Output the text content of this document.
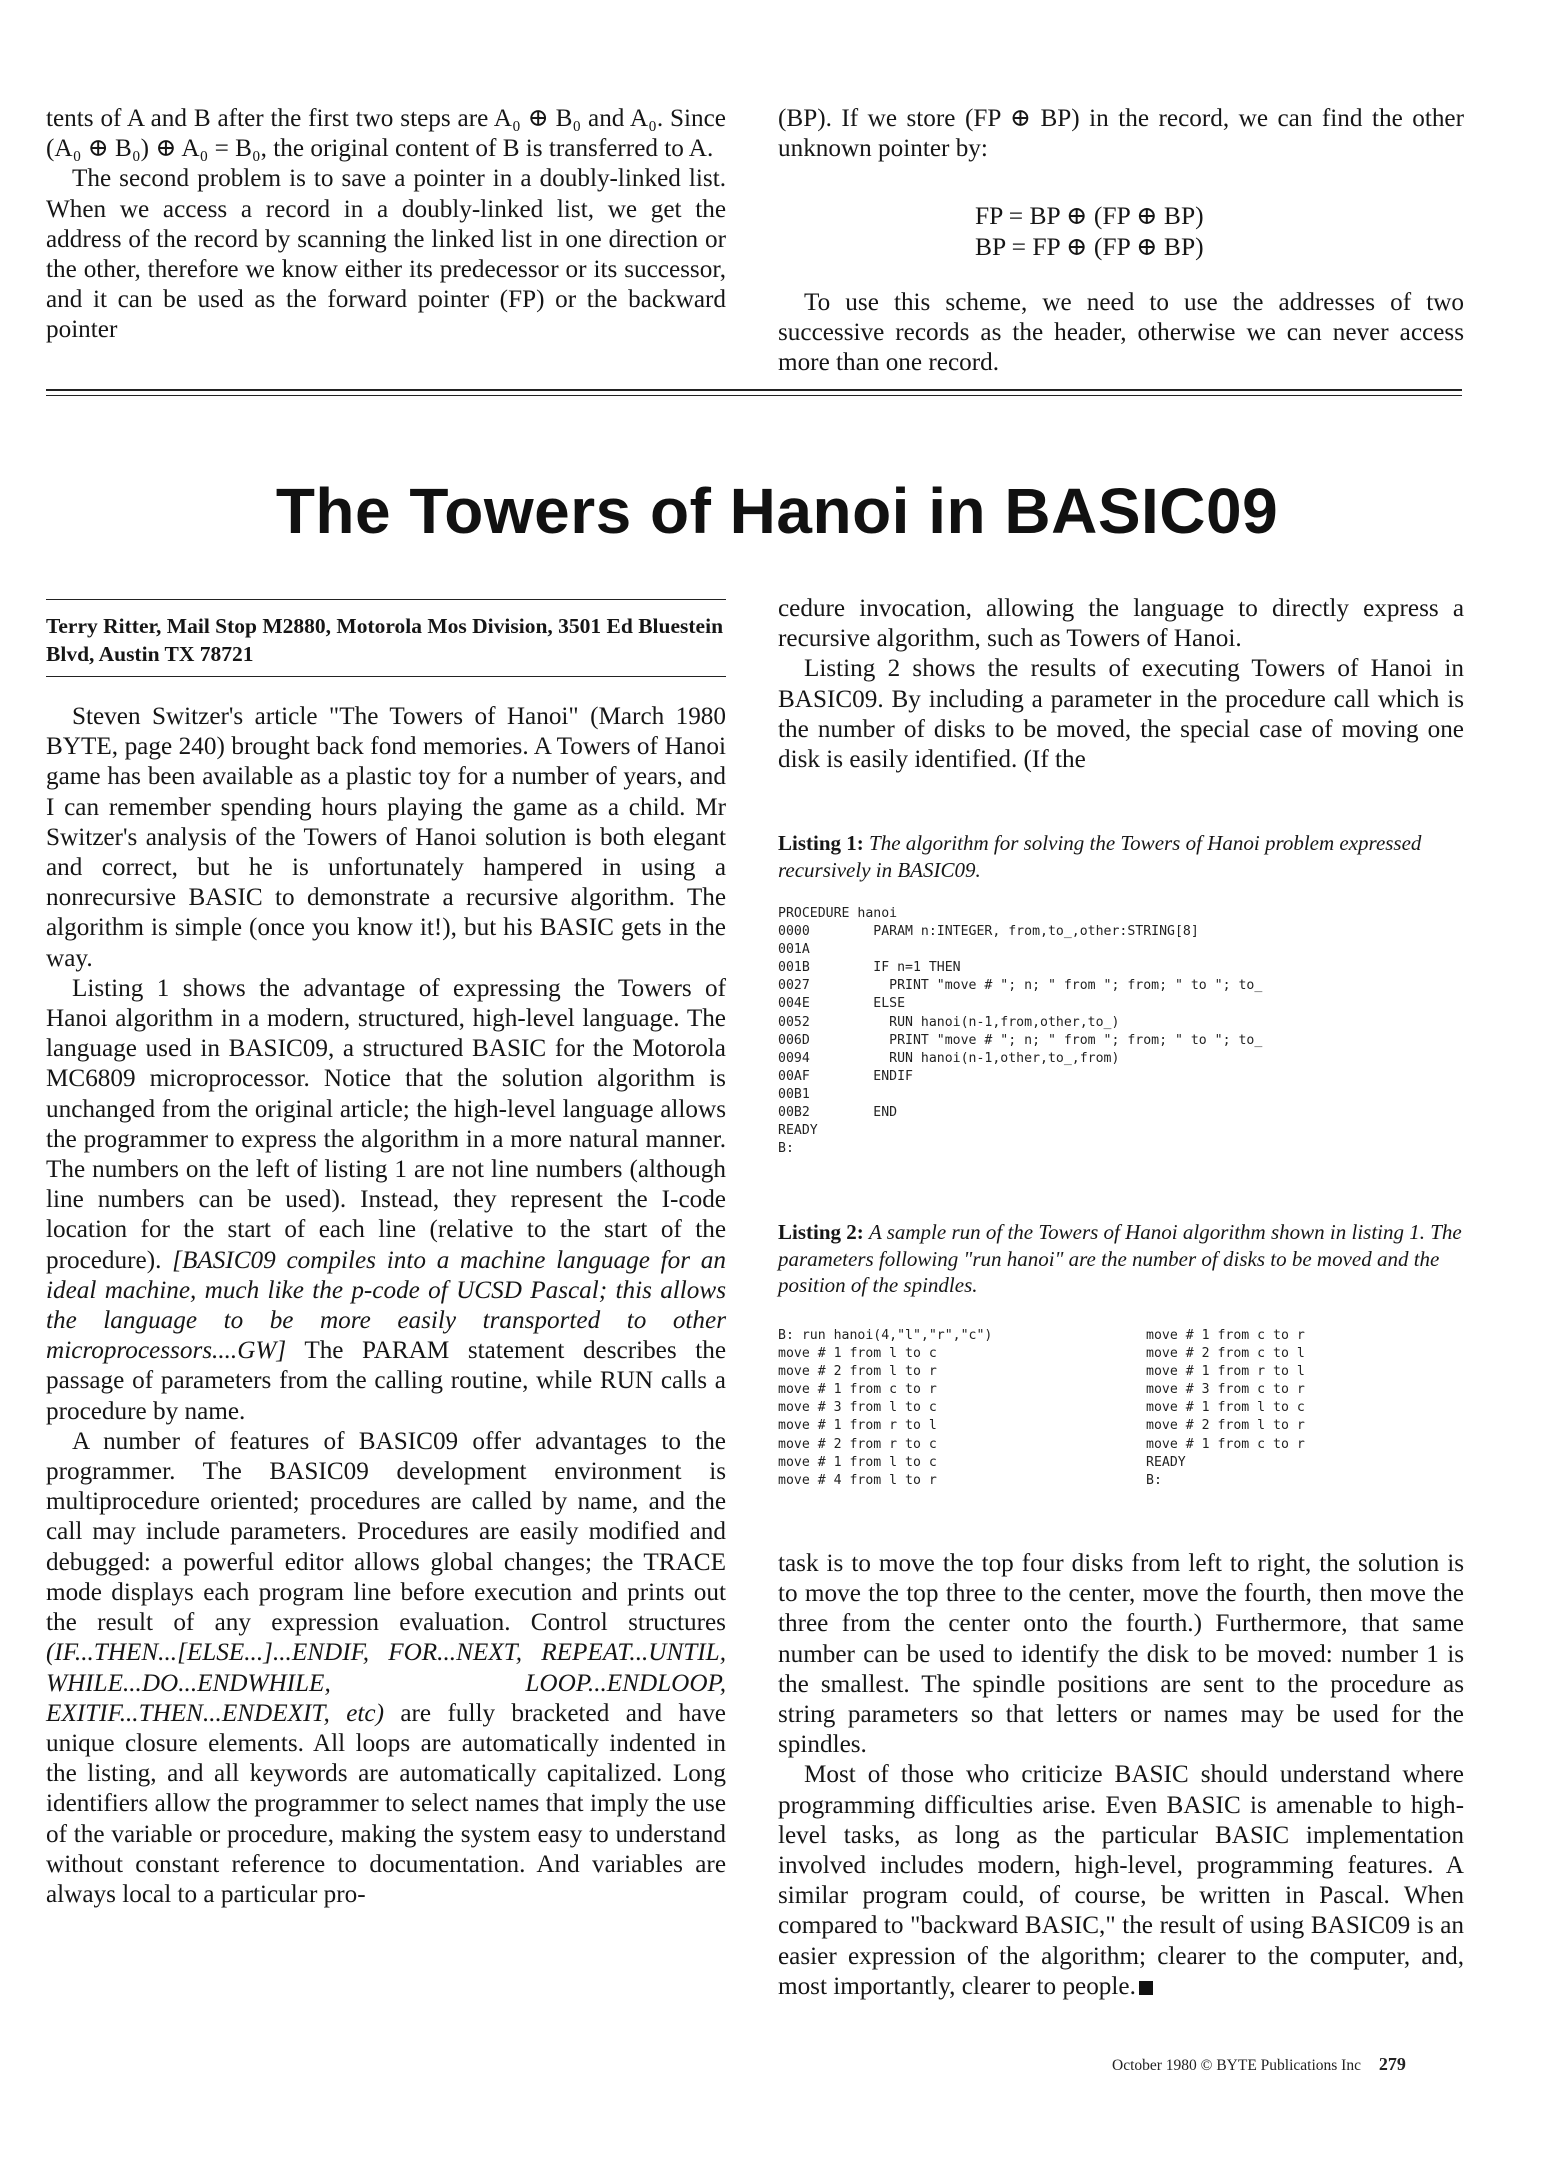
tents of A and B after the first two steps are A₀ ⊕ B₀ and A₀. Since (A₀ ⊕ B₀) ⊕ A₀ = B₀, the original content of B is transferred to A.

The second problem is to save a pointer in a doubly-linked list. When we access a record in a doubly-linked list, we get the address of the record by scanning the linked list in one direction or the other, therefore we know either its predecessor or its successor, and it can be used as the forward pointer (FP) or the backward pointer

(BP). If we store (FP ⊕ BP) in the record, we can find the other unknown pointer by:

FP = BP ⊕ (FP ⊕ BP)
BP = FP ⊕ (FP ⊕ BP)

To use this scheme, we need to use the addresses of two successive records as the header, otherwise we can never access more than one record.

The Towers of Hanoi in BASIC09
Terry Ritter, Mail Stop M2880, Motorola Mos Division, 3501 Ed Bluestein Blvd, Austin TX 78721

Steven Switzer's article "The Towers of Hanoi" (March 1980 BYTE, page 240) brought back fond memories. A Towers of Hanoi game has been available as a plastic toy for a number of years, and I can remember spending hours playing the game as a child. Mr Switzer's analysis of the Towers of Hanoi solution is both elegant and correct, but he is unfortunately hampered in using a nonrecursive BASIC to demonstrate a recursive algorithm. The algorithm is simple (once you know it!), but his BASIC gets in the way.

Listing 1 shows the advantage of expressing the Towers of Hanoi algorithm in a modern, structured, high-level language. The language used in BASIC09, a structured BASIC for the Motorola MC6809 microprocessor. Notice that the solution algorithm is unchanged from the original article; the high-level language allows the programmer to express the algorithm in a more natural manner. The numbers on the left of listing 1 are not line numbers (although line numbers can be used). Instead, they represent the I-code location for the start of each line (relative to the start of the procedure). [BASIC09 compiles into a machine language for an ideal machine, much like the p-code of UCSD Pascal; this allows the language to be more easily transported to other microprocessors....GW] The PARAM statement describes the passage of parameters from the calling routine, while RUN calls a procedure by name.

A number of features of BASIC09 offer advantages to the programmer. The BASIC09 development environment is multiprocedure oriented; procedures are called by name, and the call may include parameters. Procedures are easily modified and debugged: a powerful editor allows global changes; the TRACE mode displays each program line before execution and prints out the result of any expression evaluation. Control structures (IF...THEN...[ELSE...]...ENDIF, FOR...NEXT, REPEAT...UNTIL, WHILE...DO...ENDWHILE, LOOP...ENDLOOP, EXITIF...THEN...ENDEXIT, etc) are fully bracketed and have unique closure elements. All loops are automatically indented in the listing, and all keywords are automatically capitalized. Long identifiers allow the programmer to select names that imply the use of the variable or procedure, making the system easy to understand without constant reference to documentation. And variables are always local to a particular pro-

cedure invocation, allowing the language to directly express a recursive algorithm, such as Towers of Hanoi.

Listing 2 shows the results of executing Towers of Hanoi in BASIC09. By including a parameter in the procedure call which is the number of disks to be moved, the special case of moving one disk is easily identified. (If the

Listing 1: The algorithm for solving the Towers of Hanoi problem expressed recursively in BASIC09.
PROCEDURE hanoi
0000        PARAM n:INTEGER, from,to_,other:STRING[8]
001A
001B        IF n=1 THEN
0027          PRINT "move # "; n; " from "; from; " to "; to_
004E        ELSE
0052          RUN hanoi(n-1,from,other,to_)
006D          PRINT "move # "; n; " from "; from; " to "; to_
0094          RUN hanoi(n-1,other,to_,from)
00AF        ENDIF
00B1
00B2        END
READY
B:
Listing 2: A sample run of the Towers of Hanoi algorithm shown in listing 1. The parameters following "run hanoi" are the number of disks to be moved and the position of the spindles.
B: run hanoi(4,"l","r","c")
move # 1 from l to c
move # 2 from l to r
move # 1 from c to r
move # 3 from l to c
move # 1 from r to l
move # 2 from r to c
move # 1 from l to c
move # 4 from l to r
move # 1 from c to r
move # 2 from c to l
move # 1 from r to l
move # 3 from c to r
move # 1 from l to c
move # 2 from l to r
move # 1 from c to r
READY
B:

task is to move the top four disks from left to right, the solution is to move the top three to the center, move the fourth, then move the three from the center onto the fourth.) Furthermore, that same number can be used to identify the disk to be moved: number 1 is the smallest. The spindle positions are sent to the procedure as string parameters so that letters or names may be used for the spindles.

Most of those who criticize BASIC should understand where programming difficulties arise. Even BASIC is amenable to high-level tasks, as long as the particular BASIC implementation involved includes modern, high-level, programming features. A similar program could, of course, be written in Pascal. When compared to "backward BASIC," the result of using BASIC09 is an easier expression of the algorithm; clearer to the computer, and, most importantly, clearer to people.

October 1980 © BYTE Publications Inc 279
